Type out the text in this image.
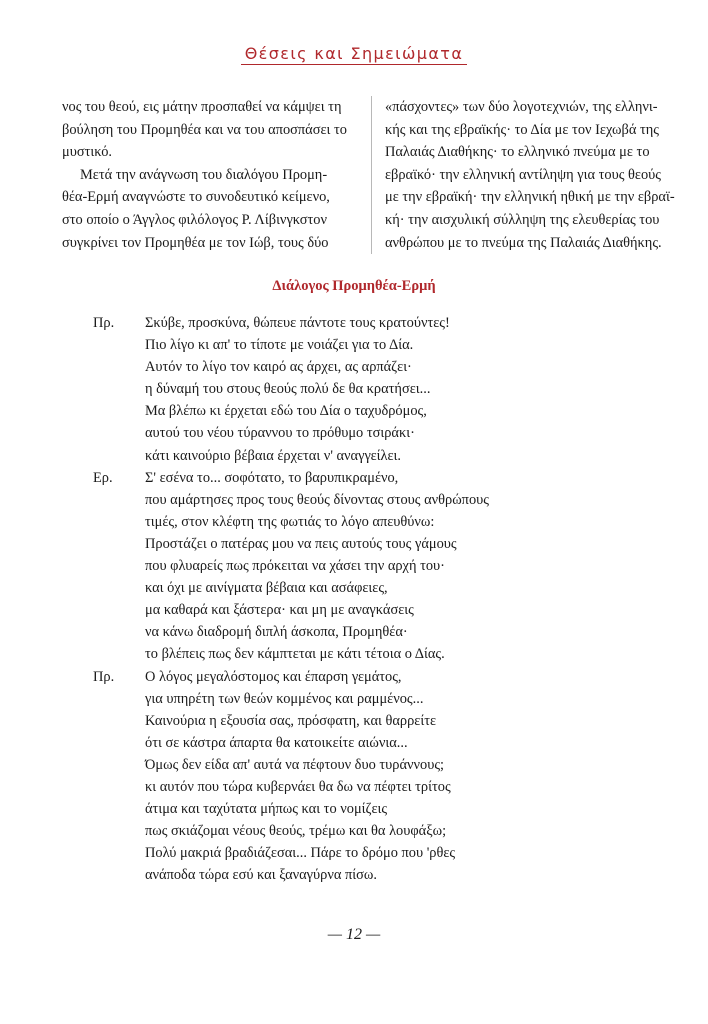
Θέσεις και Σημειώματα

νος του θεού, εις μάτην προσπαθεί να κάμψει τη
βούληση του Προμηθέα και να του αποσπάσει το
μυστικό.

Μετά την ανάγνωση του διαλόγου Προμη-
θέα-Ερμή αναγνώστε το συνοδευτικό κείμενο,
στο οποίο ο Άγγλος φιλόλογος Ρ. Λίβινγκστον
συγκρίνει τον Προμηθέα με τον Ιώβ, τους δύο

«πάσχοντες» των δύο λογοτεχνιών, της ελληνι-
κής και της εβραϊκής· το Δία με τον Ιεχωβά της
Παλαιάς Διαθήκης· το ελληνικό πνεύμα με το
εβραϊκό· την ελληνική αντίληψη για τους θεούς
με την εβραϊκή· την ελληνική ηθική με την εβραϊ-
κή· την αισχυλική σύλληψη της ελευθερίας του
ανθρώπου με το πνεύμα της Παλαιάς Διαθήκης.

Διάλογος Προμηθέα-Ερμή
Πρ.	Σκύβε, προσκύνα, θώπευε πάντοτε τους κρατούντες!
Πιο λίγο κι απ' το τίποτε με νοιάζει για το Δία.
Αυτόν το λίγο τον καιρό ας άρχει, ας αρπάζει·
η δύναμή του στους θεούς πολύ δε θα κρατήσει...
Μα βλέπω κι έρχεται εδώ του Δία ο ταχυδρόμος,
αυτού του νέου τύραννου το πρόθυμο τσιράκι·
κάτι καινούριο βέβαια έρχεται ν' αναγγείλει.
Ερ.	Σ' εσένα το... σοφότατο, το βαρυπικραμένο,
που αμάρτησες προς τους θεούς δίνοντας στους ανθρώπους
τιμές, στον κλέφτη της φωτιάς το λόγο απευθύνω:
Προστάζει ο πατέρας μου να πεις αυτούς τους γάμους
που φλυαρείς πως πρόκειται να χάσει την αρχή του·
και όχι με αινίγματα βέβαια και ασάφειες,
μα καθαρά και ξάστερα· και μη με αναγκάσεις
να κάνω διαδρομή διπλή άσκοπα, Προμηθέα·
το βλέπεις πως δεν κάμπτεται με κάτι τέτοια ο Δίας.
Πρ.	Ο λόγος μεγαλόστομος και έπαρση γεμάτος,
για υπηρέτη των θεών κομμένος και ραμμένος...
Καινούρια η εξουσία σας, πρόσφατη, και θαρρείτε
ότι σε κάστρα άπαρτα θα κατοικείτε αιώνια...
Όμως δεν είδα απ' αυτά να πέφτουν δυο τυράννους;
κι αυτόν που τώρα κυβερνάει θα δω να πέφτει τρίτος
άτιμα και ταχύτατα μήπως και το νομίζεις
πως σκιάζομαι νέους θεούς, τρέμω και θα λουφάξω;
Πολύ μακριά βραδιάζεσαι... Πάρε το δρόμο που 'ρθες
ανάποδα τώρα εσύ και ξαναγύρνα πίσω.
— 12 —
